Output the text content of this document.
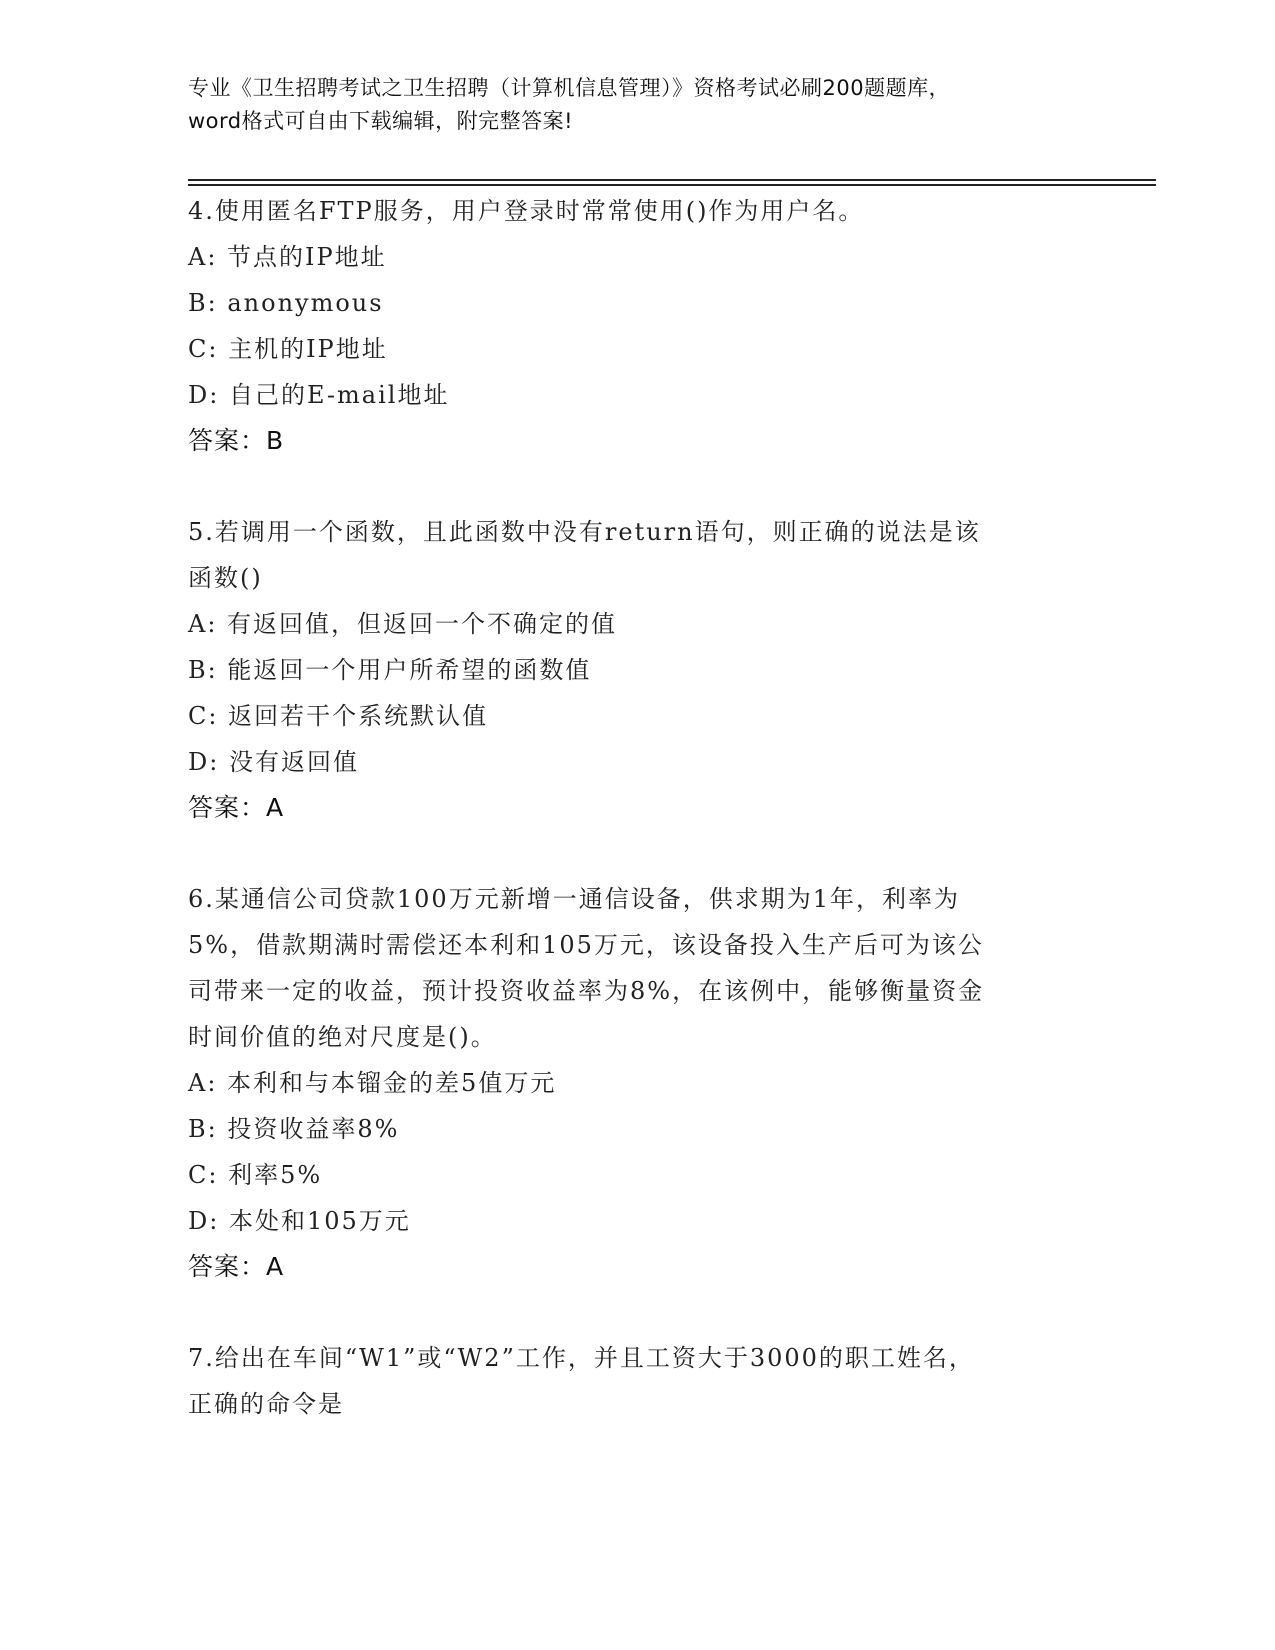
专业《卫生招聘考试之卫生招聘（计算机信息管理）》资格考试必刷200题题库，
word格式可自由下载编辑，附完整答案!
4.使用匿名FTP服务，用户登录时常常使用()作为用户名。
A: 节点的IP地址
B: anonymous
C: 主机的IP地址
D: 自己的E-mail地址
答案：B
5.若调用一个函数，且此函数中没有return语句，则正确的说法是该
函数()
A: 有返回值，但返回一个不确定的值
B: 能返回一个用户所希望的函数值
C: 返回若干个系统默认值
D: 没有返回值
答案：A
6.某通信公司贷款100万元新增一通信设备，供求期为1年，利率为
5%，借款期满时需偿还本利和105万元，该设备投入生产后可为该公
司带来一定的收益，预计投资收益率为8%，在该例中，能够衡量资金
时间价值的绝对尺度是()。
A: 本利和与本镏金的差5值万元
B: 投资收益率8%
C: 利率5%
D: 本处和105万元
答案：A
7.给出在车间“W1”或“W2”工作，并且工资大于3000的职工姓名，
正确的命令是
